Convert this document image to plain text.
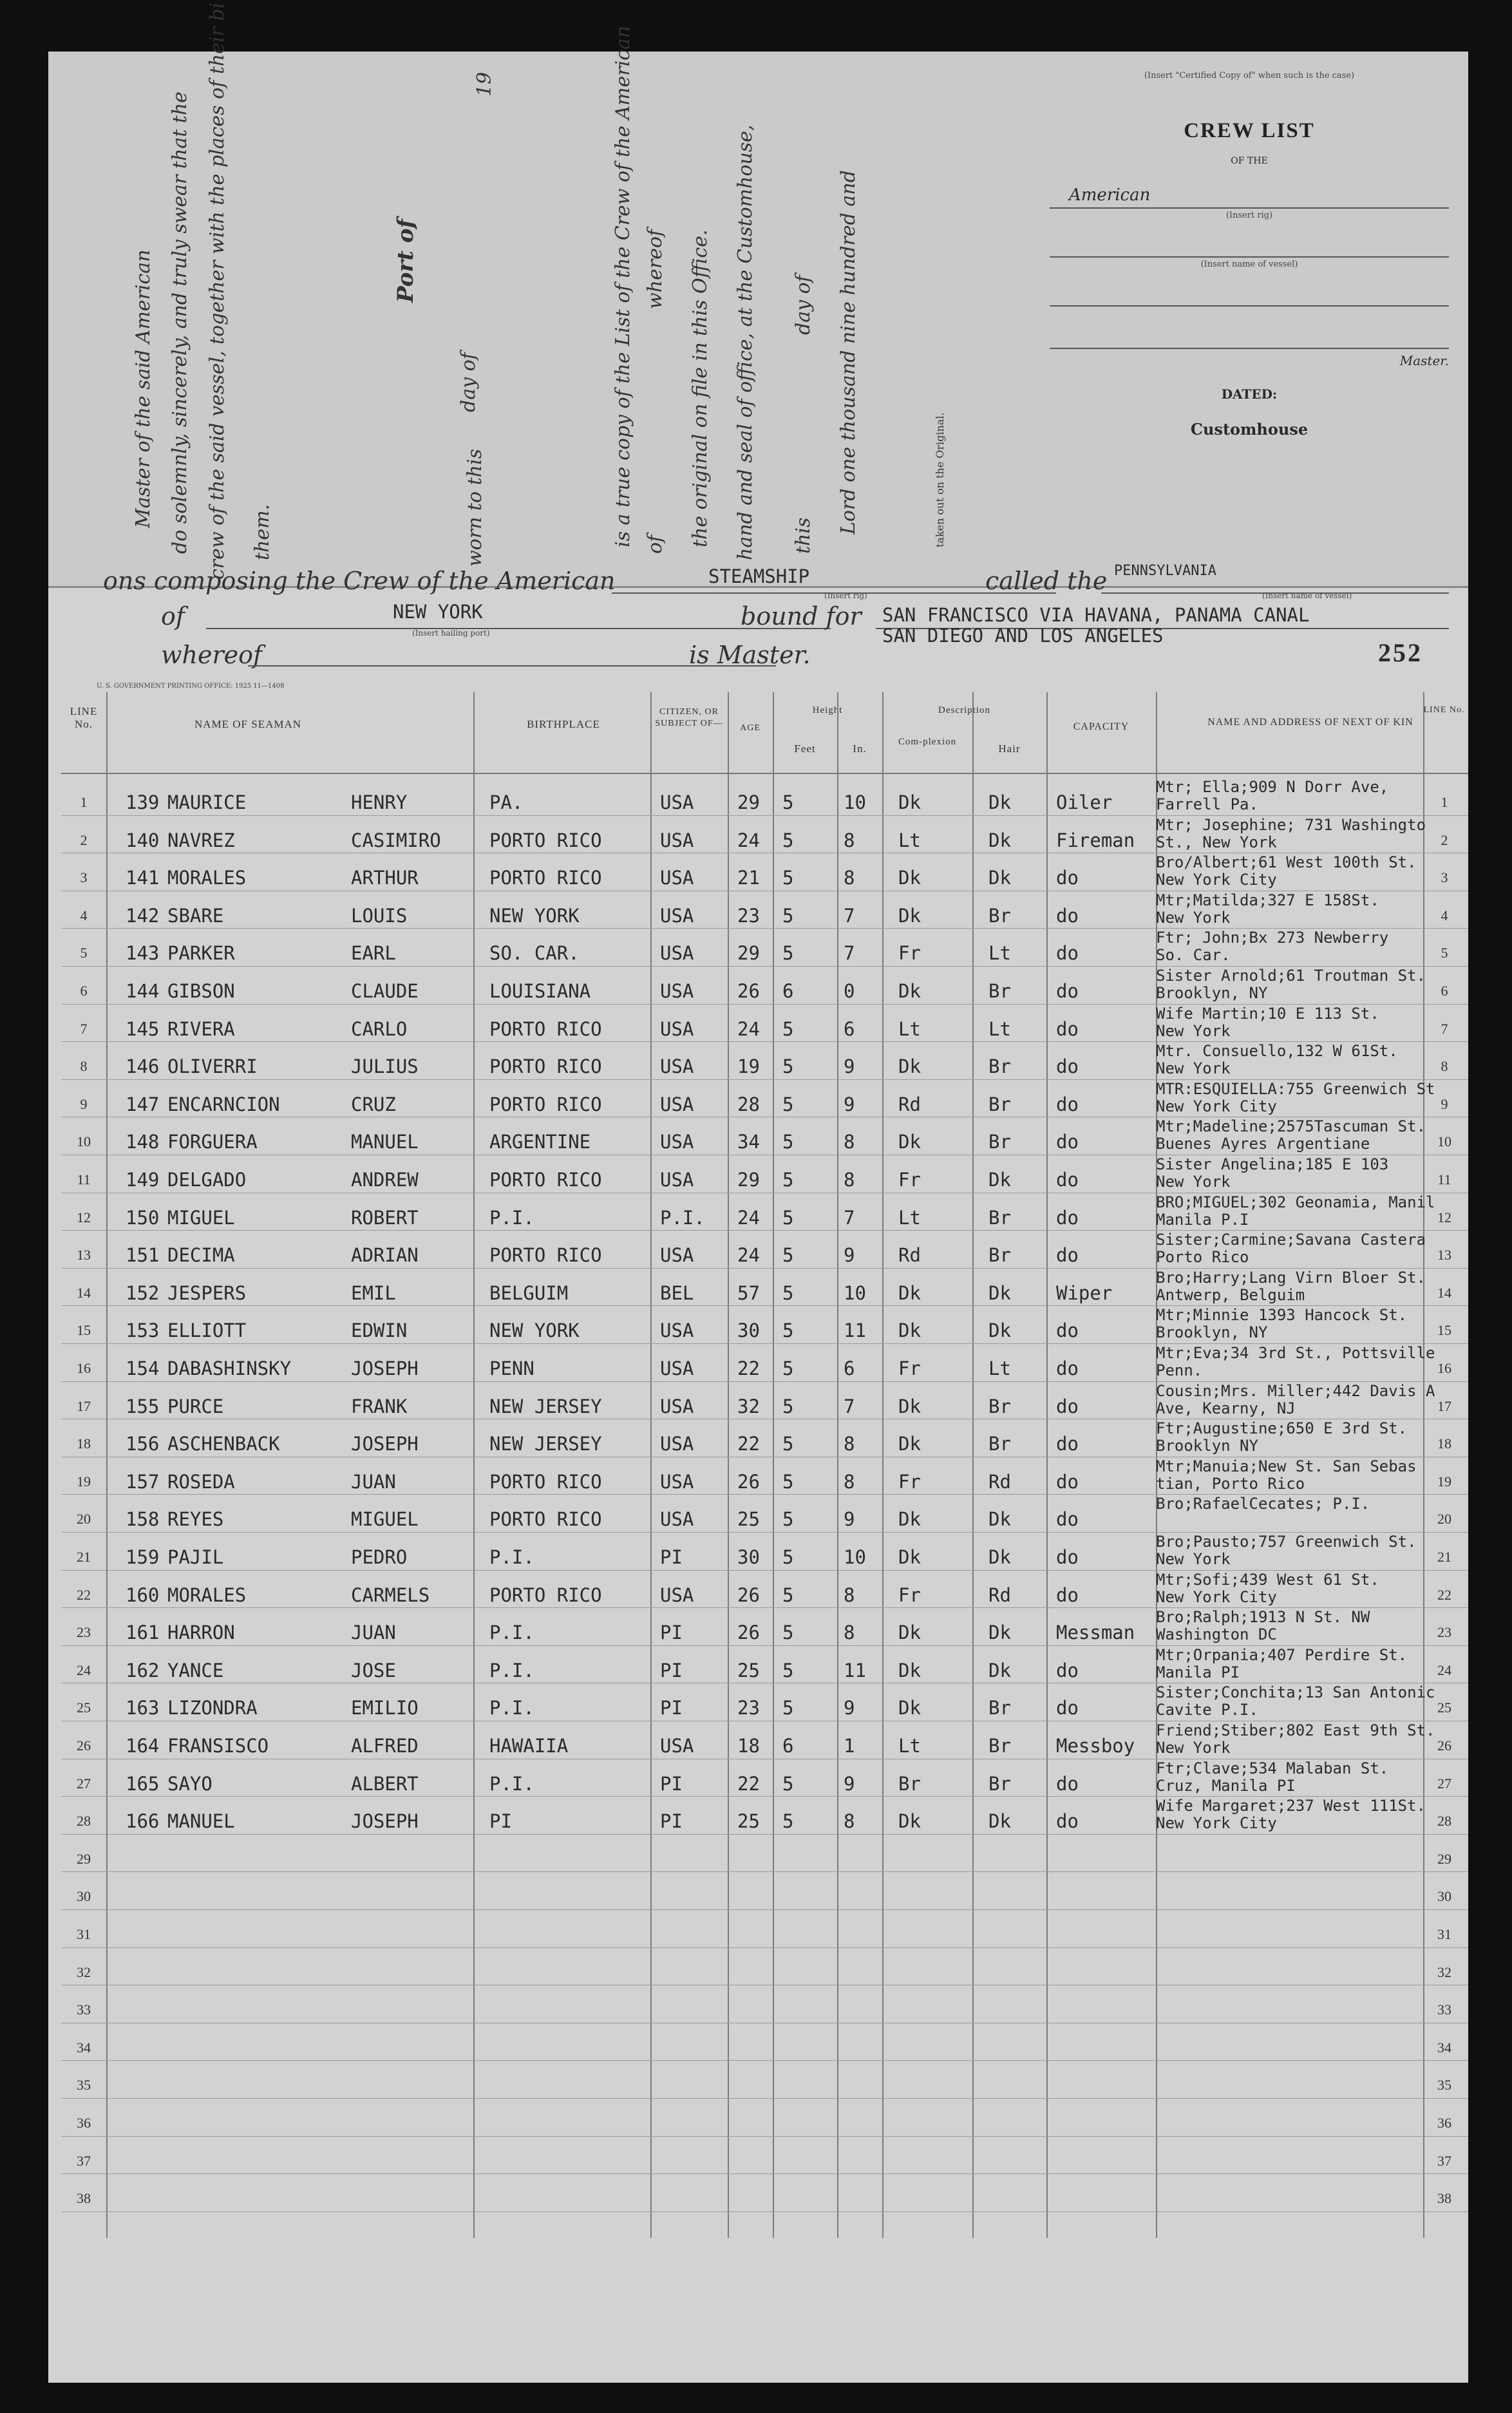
Master of the said American do solemnly, sincerely, and truly swear that the crew of the said vessel, together with the places of their bi them.
Port of
19
day of
worn to this	is a true copy of the List of the Crew of the American whereof
of the original on file in this Office. hand and seal of office, at the Customhouse, day of
this
Lord one thousand nine hundred and	taken out on the Original.
(Insert "Certified Copy of" when such is the case)
CREW LIST
OF THE
American
(Insert rig)
(Insert name of vessel)
Master.
DATED:
Customhouse
ons composing the Crew of the American	STEAMSHIP
(Insert rig)
called the PENNSYLVANIA
(Insert name of vessel)
of	NEW YORK
(Insert hailing port)
bound for SAN FRANCISCO VIA HAVANA, PANAMA CANAL
SAN DIEGO AND LOS ANGELES
whereof	is Master.	252
U. S. GOVERNMENT PRINTING OFFICE: 1925 11—1408
LINE No.	NAME OF SEAMAN	BIRTHPLACE
CITIZEN, OR SUBJECT OF—	AGE
Height
Feet	In.
Description
Com-plexion
Hair
CAPACITY	NAME AND ADDRESS OF NEXT OF KIN
LINE No.
1	139 MAURICE	HENRY	PA.	USA 29 5	10 Dk	Dk Oiler
Mtr; Ella;909 N Dorr Ave,
Farrell Pa.	1
2	140 NAVREZ	CASIMIRO	PORTO RICO	USA 24 5	8 Lt	Dk Fireman
Mtr; Josephine; 731 Washingto
St., New York	2
3	141 MORALES	ARTHUR	PORTO RICO	USA 21 5	8 Dk	Dk do
Bro/Albert;61 West 100th St.
New York City	3
4	142 SBARE	LOUIS	NEW YORK	USA 23 5	7 Dk	Br do
Mtr;Matilda;327 E 158St.
New York	4
5	143 PARKER	EARL	SO. CAR.	USA 29 5	7 Fr	Lt do
Ftr; John;Bx 273 Newberry
So. Car.	5
6	144 GIBSON	CLAUDE	LOUISIANA	USA 26 6	0 Dk	Br do
Sister Arnold;61 Troutman St.
Brooklyn, NY	6
7	145 RIVERA	CARLO	PORTO RICO	USA 24 5	6 Lt	Lt do
Wife Martin;10 E 113 St.
New York	7
8	146 OLIVERRI	JULIUS	PORTO RICO	USA 19 5	9 Dk	Br do
Mtr. Consuello,132 W 61St.
New York	8
9	147 ENCARNCION	CRUZ	PORTO RICO	USA 28 5	9 Rd	Br do
MTR:ESQUIELLA:755 Greenwich St
New York City	9
10	148 FORGUERA	MANUEL	ARGENTINE	USA 34 5	8 Dk	Br do
Mtr;Madeline;2575Tascuman St.
Buenes Ayres Argentiane	10
11	149 DELGADO	ANDREW	PORTO RICO	USA 29 5	8 Fr	Dk do
Sister Angelina;185 E 103
New York	11
12	150 MIGUEL	ROBERT	P.I.	P.I. 24 5	7 Lt	Br do
BRO;MIGUEL;302 Geonamia, Manil
Manila P.I	12
13	151 DECIMA	ADRIAN	PORTO RICO	USA 24 5	9 Rd	Br do
Sister;Carmine;Savana Castera
Porto Rico	13
14	152 JESPERS	EMIL	BELGUIM	BEL 57 5	10 Dk	Dk Wiper
Bro;Harry;Lang Virn Bloer St.
Antwerp, Belguim	14
15	153 ELLIOTT	EDWIN	NEW YORK	USA 30 5	11 Dk	Dk do
Mtr;Minnie 1393 Hancock St.
Brooklyn, NY	15
16	154 DABASHINSKY	JOSEPH	PENN	USA 22 5	6 Fr	Lt do
Mtr;Eva;34 3rd St., Pottsville
Penn.	16
17	155 PURCE	FRANK	NEW JERSEY	USA 32 5	7 Dk	Br do
Cousin;Mrs. Miller;442 Davis A
Ave, Kearny, NJ	17
18	156 ASCHENBACK	JOSEPH	NEW JERSEY	USA 22 5	8 Dk	Br do
Ftr;Augustine;650 E 3rd St.
Brooklyn NY	18
19	157 ROSEDA	JUAN	PORTO RICO	USA 26 5	8 Fr	Rd do
Mtr;Manuia;New St. San Sebas
tian, Porto Rico	19
20	158 REYES	MIGUEL	PORTO RICO	USA 25 5	9 Dk	Dk do
Bro;RafaelCecates; P.I.
20
21	159 PAJIL	PEDRO	P.I.	PI	30 5	10 Dk	Dk do
Bro;Pausto;757 Greenwich St.
New York	21
22	160 MORALES	CARMELS	PORTO RICO	USA 26 5	8 Fr	Rd do
Mtr;Sofi;439 West 61 St.
New York City	22
23	161 HARRON	JUAN	P.I.	PI	26 5	8 Dk	Dk Messman
Bro;Ralph;1913 N St. NW
Washington DC	23
24	162 YANCE	JOSE	P.I.	PI	25 5	11 Dk	Dk do
Mtr;Orpania;407 Perdire St.
Manila PI	24
25	163 LIZONDRA	EMILIO	P.I.	PI	23 5	9 Dk	Br do
Sister;Conchita;13 San Antonic
Cavite P.I.	25
26	164 FRANSISCO	ALFRED	HAWAIIA	USA 18 6	1 Lt	Br Messboy
Friend;Stiber;802 East 9th St.
New York	26
27	165 SAYO	ALBERT	P.I.	PI	22 5	9 Br	Br do
Ftr;Clave;534 Malaban St.
Cruz, Manila PI	27
28	166 MANUEL	JOSEPH	PI	PI	25 5	8 Dk	Dk do
Wife Margaret;237 West 111St.
New York City	28
29	29
30	30
31	31
32	32
33	33
34	34
35	35
36	36
37	37
38	38
